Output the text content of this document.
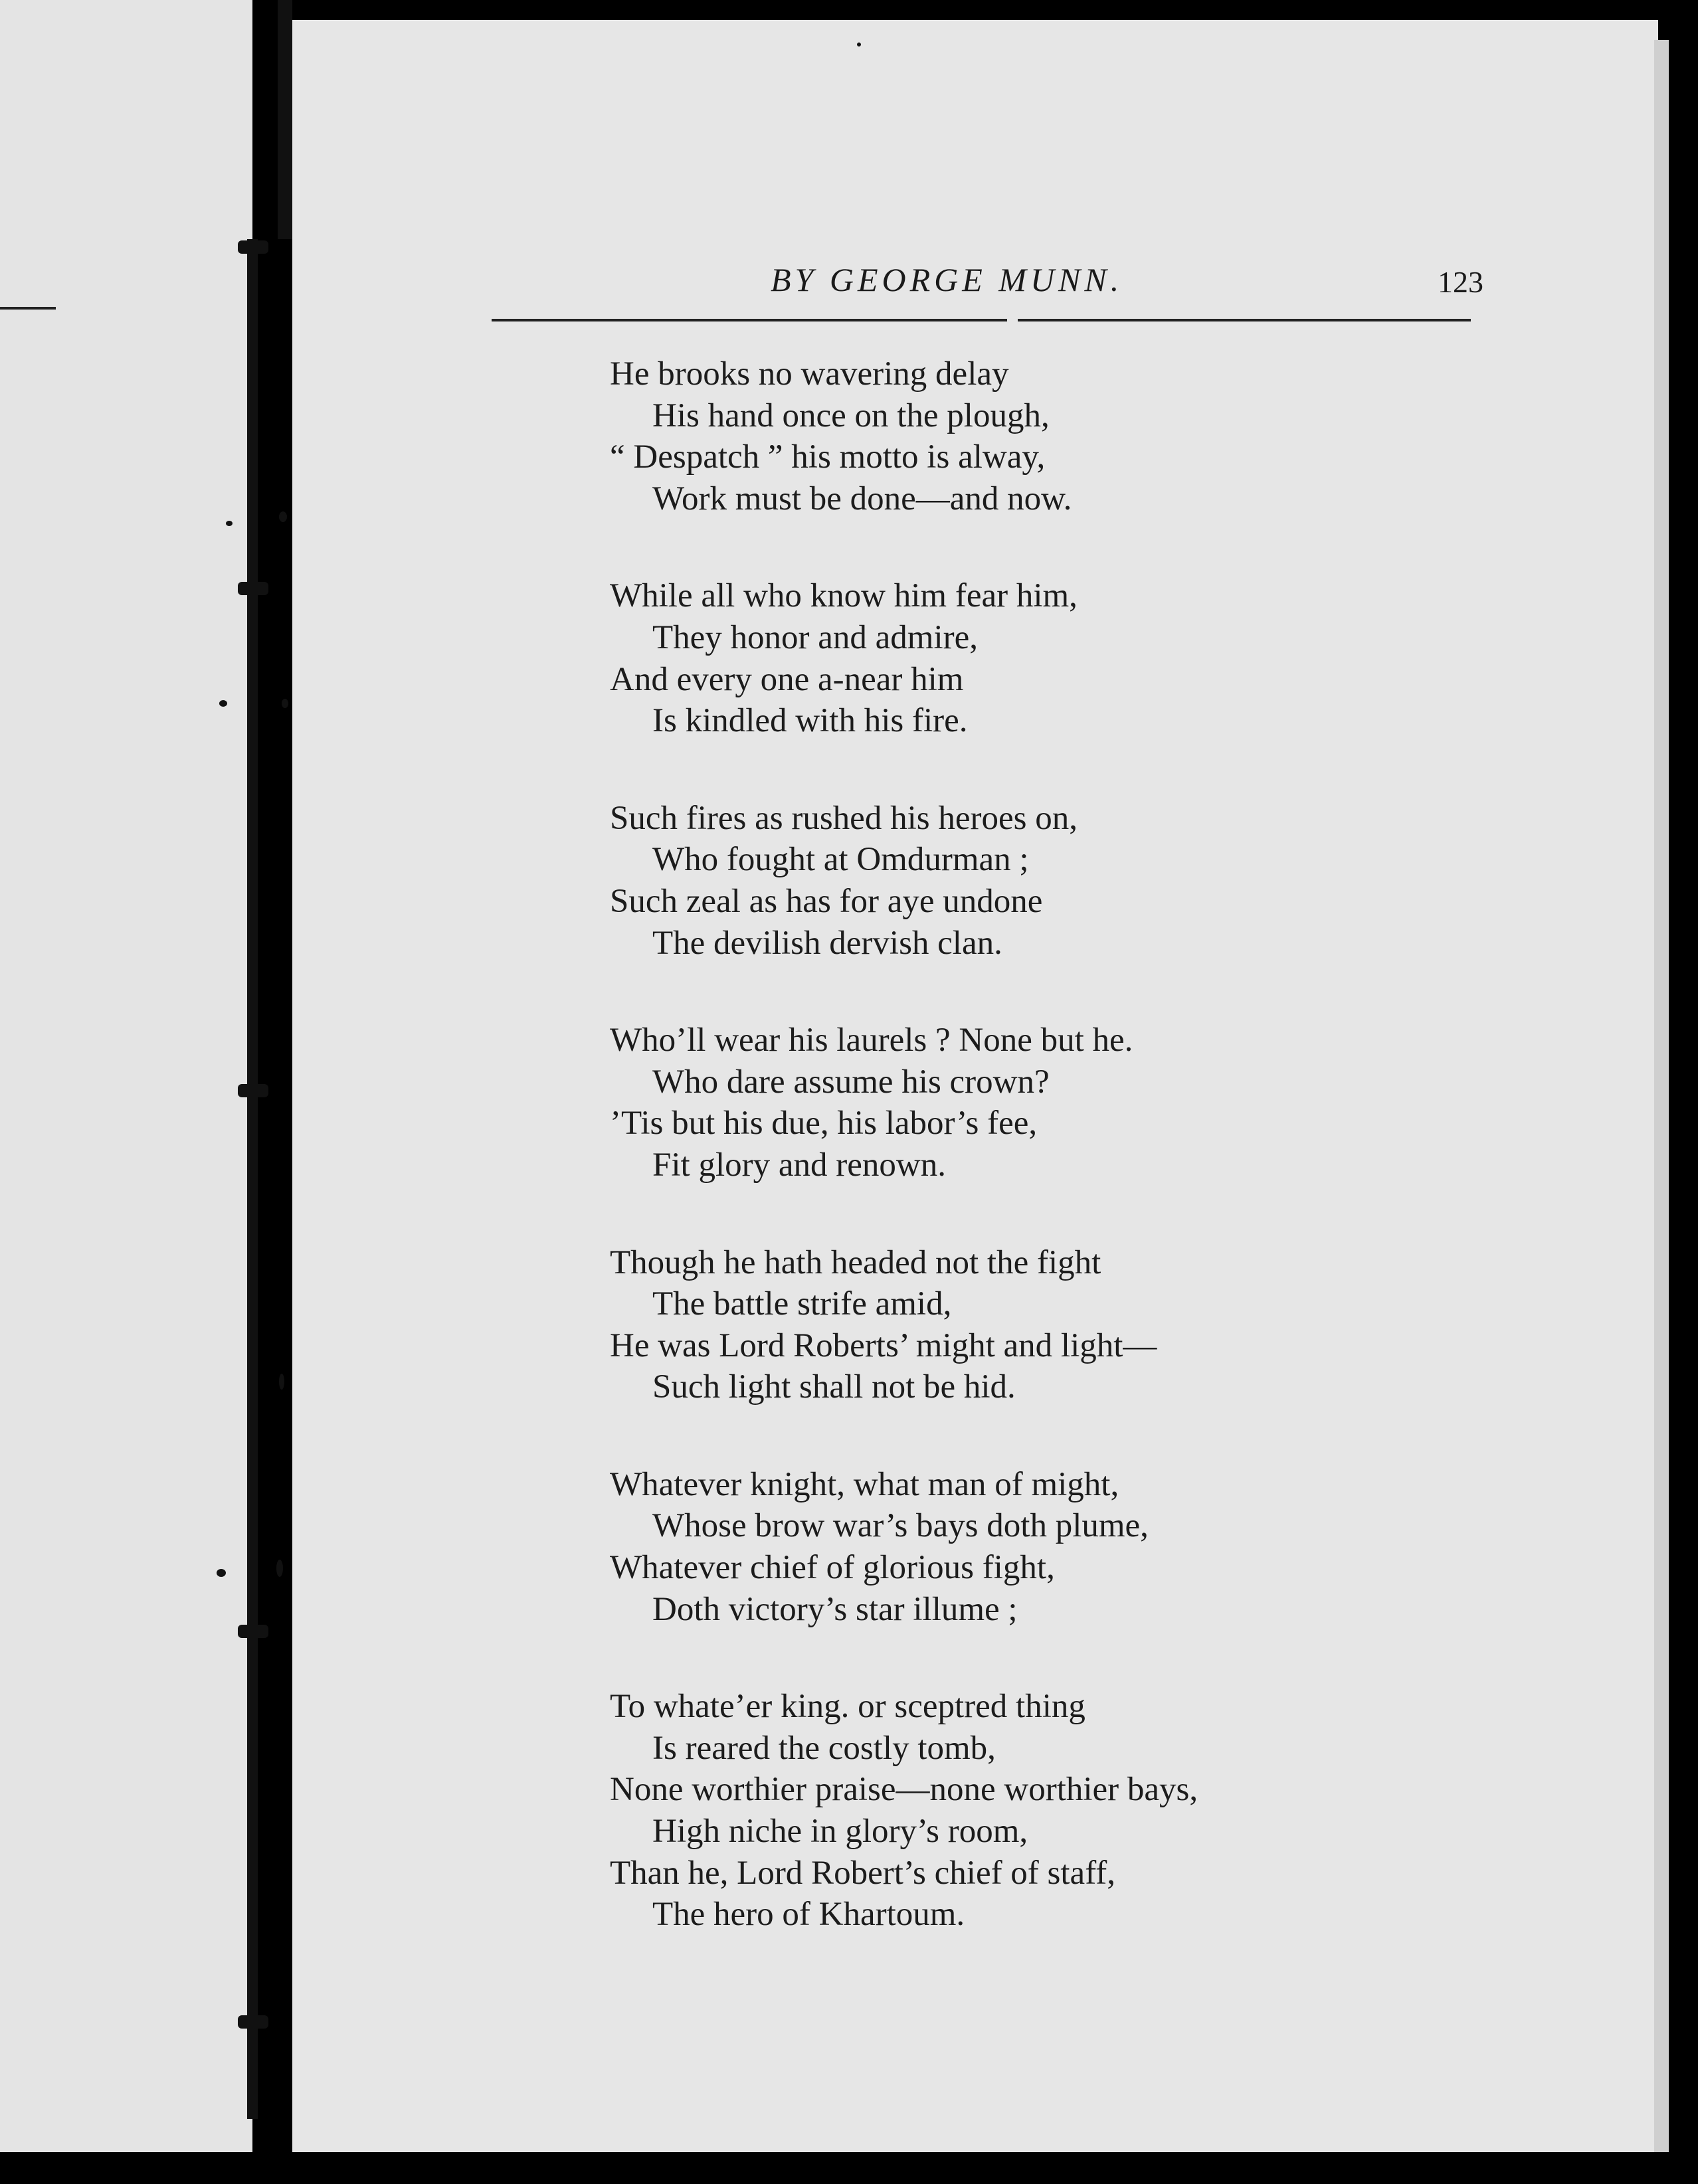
BY GEORGE MUNN.	123
He brooks no wavering delay
His hand once on the plough,
“ Despatch ” his motto is alway,
Work must be done—and now.
While all who know him fear him,
They honor and admire,
And every one a-near him
Is kindled with his fire.
Such fires as rushed his heroes on,
Who fought at Omdurman ;
Such zeal as has for aye undone
The devilish dervish clan.
Who’ll wear his laurels ? None but he.
Who dare assume his crown?
’Tis but his due, his labor’s fee,
Fit glory and renown.
Though he hath headed not the fight
The battle strife amid,
He was Lord Roberts’ might and light—
Such light shall not be hid.
Whatever knight, what man of might,
Whose brow war’s bays doth plume,
Whatever chief of glorious fight,
Doth victory’s star illume ;
To whate’er king. or sceptred thing
Is reared the costly tomb,
None worthier praise—none worthier bays,
High niche in glory’s room,
Than he, Lord Robert’s chief of staff,
The hero of Khartoum.
